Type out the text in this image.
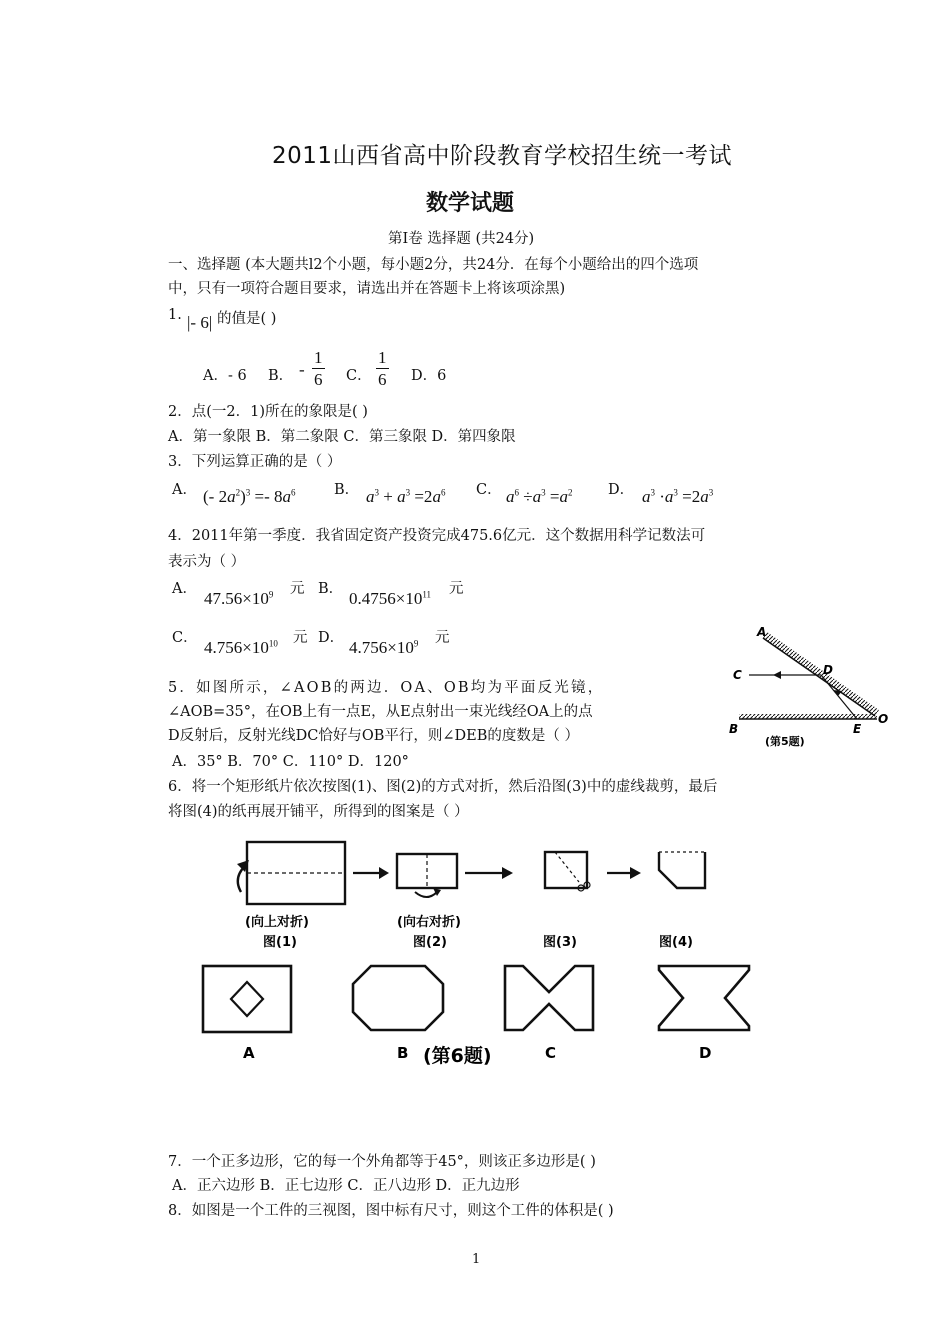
2011山西省高中阶段教育学校招生统一考试
数学试题
第Ⅰ卷 选择题 (共24分)
一、选择题 (本大题共l2个小题，每小题2分，共24分．在每个小题给出的四个选项
中，只有一项符合题目要求，请选出并在答题卡上将该项涂黑)
1. |- 6| 的值是( )
A．- 6 B． - $\frac{1}{6}$ C． $\frac{1}{6}$ D．6
2．点(一2．1)所在的象限是( )
A．第一象限 B．第二象限 C．第三象限 D．第四象限
3．下列运算正确的是（ ）
A． (- $2a^2)^3 =- 8a^6$	B． $a^3 + a^3 =2a^6$ C． $a^6 \div a^3 =a^2$ D． $a^3 \cdot a^3 =2a^3$
4．2011年第一季度．我省固定资产投资完成475.6亿元．这个数据用科学记数法可
表示为（ ）
A． $47.56\times 10^9$ 元 B． $0.4756\times 10^{11}$ 元
C． $4.756\times 10^{10}$ 元 D． $4.756\times 10^9$ 元
5．如图所示，∠AOB的两边．OA、OB均为平面反光镜，
∠AOB=35°，在OB上有一点E，从E点射出一束光线经OA上的点
D反射后，反射光线DC恰好与OB平行，则∠DEB的度数是（ ）
A．35° B．70° C．110° D．120°
A
C	D
B	E
O
(第5题)
6．将一个矩形纸片依次按图(1)、图(2)的方式对折，然后沿图(3)中的虚线裁剪，最后
将图(4)的纸再展开铺平，所得到的图案是（ ）
(向上对折)
图(1)
(向右对折)
图(2)	图(3)	图(4)
A	B	C	D
(第6题)
7．一个正多边形，它的每一个外角都等于45°，则该正多边形是( )
A．正六边形 B．正七边形 C．正八边形 D．正九边形
8．如图是一个工件的三视图，图中标有尺寸，则这个工件的体积是( )
1
